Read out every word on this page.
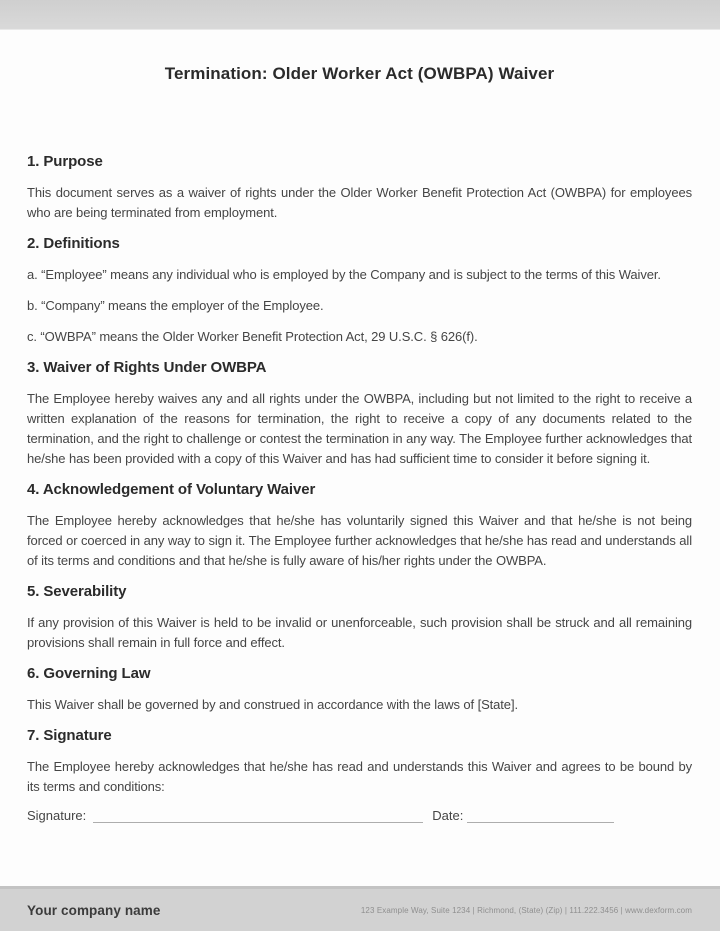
Termination: Older Worker Act (OWBPA) Waiver
1. Purpose

This document serves as a waiver of rights under the Older Worker Benefit Protection Act (OWBPA) for employees who are being terminated from employment.

2. Definitions

a. “Employee” means any individual who is employed by the Company and is subject to the terms of this Waiver.

b. “Company” means the employer of the Employee.

c. “OWBPA” means the Older Worker Benefit Protection Act, 29 U.S.C. § 626(f).

3. Waiver of Rights Under OWBPA

The Employee hereby waives any and all rights under the OWBPA, including but not limited to the right to receive a written explanation of the reasons for termination, the right to receive a copy of any documents related to the termination, and the right to challenge or contest the termination in any way. The Employee further acknowledges that he/she has been provided with a copy of this Waiver and has had sufficient time to consider it before signing it.

4. Acknowledgement of Voluntary Waiver

The Employee hereby acknowledges that he/she has voluntarily signed this Waiver and that he/she is not being forced or coerced in any way to sign it. The Employee further acknowledges that he/she has read and understands all of its terms and conditions and that he/she is fully aware of his/her rights under the OWBPA.

5. Severability

If any provision of this Waiver is held to be invalid or unenforceable, such provision shall be struck and all remaining provisions shall remain in full force and effect.

6. Governing Law

This Waiver shall be governed by and construed in accordance with the laws of [State].

7. Signature

The Employee hereby acknowledges that he/she has read and understands this Waiver and agrees to be bound by its terms and conditions:

Signature:	Date:
Your company name	123 Example Way, Suite 1234 | Richmond, (State) (Zip) | 111.222.3456 | www.dexform.com
